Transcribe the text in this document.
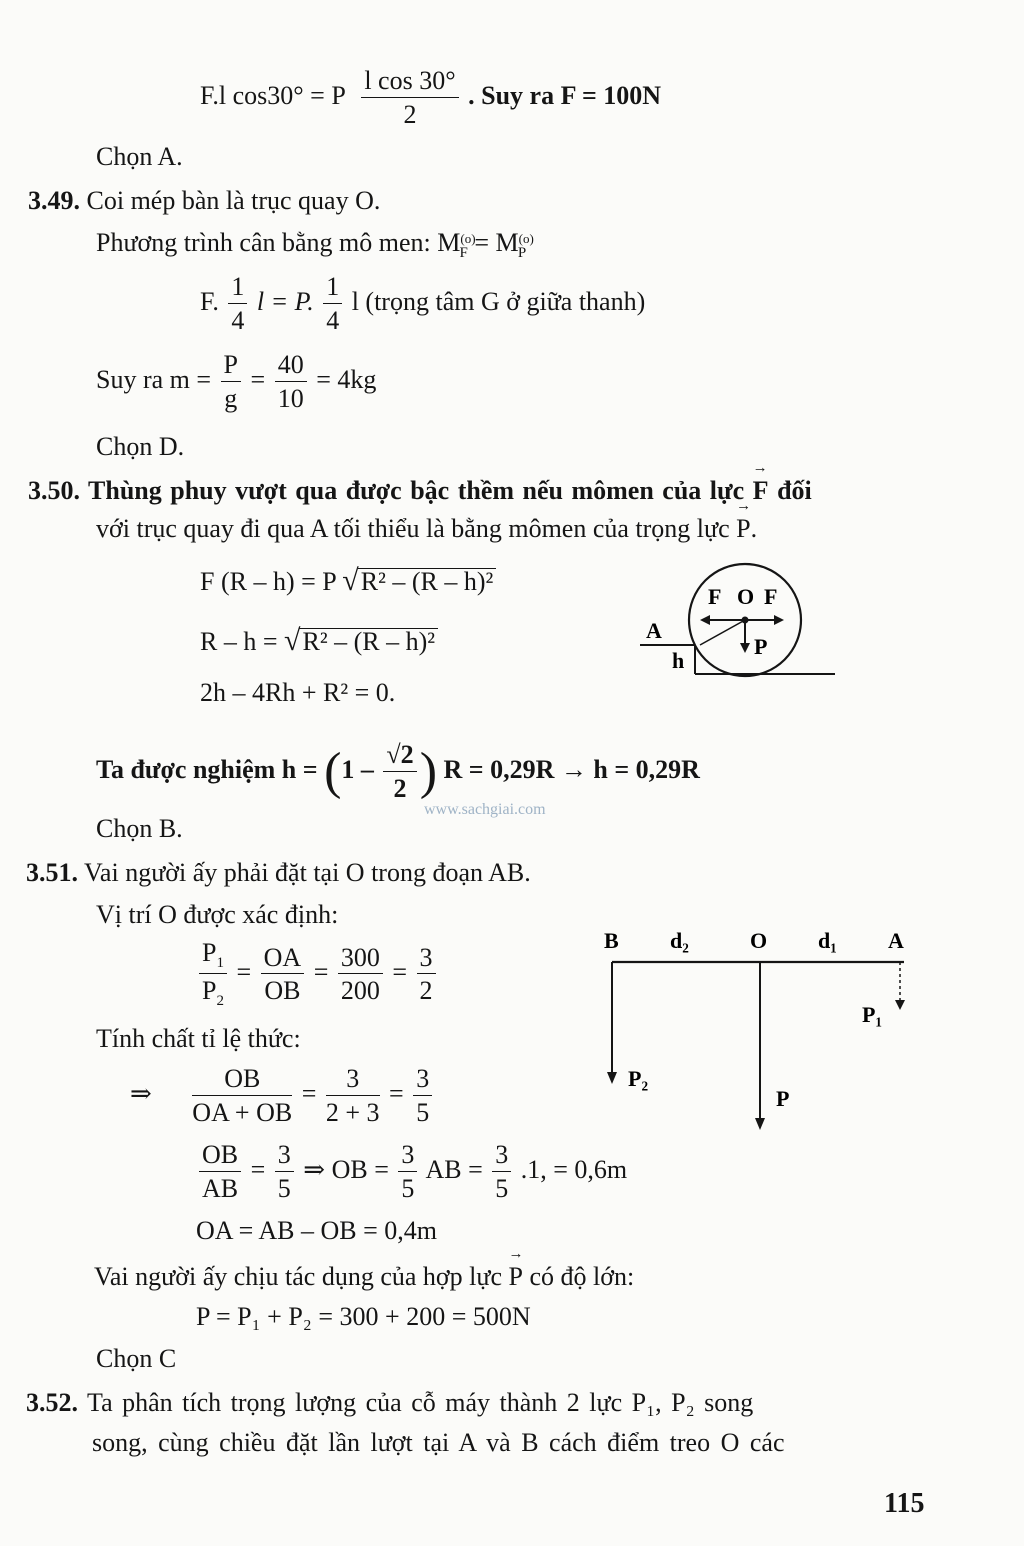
F.l cos30° = P $\frac{\text{l cos 30°}}{2}$ . Suy ra F = 100N
Chọn A.
3.49. Coi mép bàn là trục quay O.
Phương trình cân bằng mô men: $M_{(o)F} = M_{(o)P}$
F. $\frac{1}{4}$ l = P. $\frac{1}{4}$ l (trọng tâm G ở giữa thanh)
Suy ra $m = \frac{P}{g} = \frac{40}{10} = 4kg$
Chọn D.
3.50. Thùng phuy vượt qua được bậc thềm nếu mômen của lực → F đối
với trục quay đi qua A tối thiểu là bằng mômen của trọng lực → P.
F (R – h) = P √R² – (R – h)²
R – h = √R² – (R – h)²
2h – 4Rh + R² = 0.
Ta được nghiệm $h = (1 - \frac{√2}{2}$ ) R = 0,29R → h = 0,29R
www.sachgiai.com
Chọn B.
F O F
A
P
h
3.51. Vai người ấy phải đặt tại O trong đoạn AB.
Vị trí O được xác định:
$\frac{P_1}{P_2} = \frac{OA}{OB} = \frac{300}{200} = \frac{3}{2}$
Tính chất tỉ lệ thức:
⇒ $\frac{OB}{OA + OB} = \frac{3}{2 + 3} = \frac{3}{5}$
$\frac{OB}{AB} = \frac{3}{5}$ ⇒ OB = $\frac{3}{5}$ AB = $\frac{3}{5} .1$, = 0,6m
OA = AB – OB = 0,4m
Vai người ấy chịu tác dụng của hợp lực → P có độ lớn:
P = P₁ + P₂ = 300 + 200 = 500N
Chọn C
B d₂	O d₁ A
P₁
P₂
P
3.52. Ta phân tích trọng lượng của cỗ máy thành 2 lực P₁, P₂ song
song, cùng chiều đặt lần lượt tại A và B cách điểm treo O các
115
